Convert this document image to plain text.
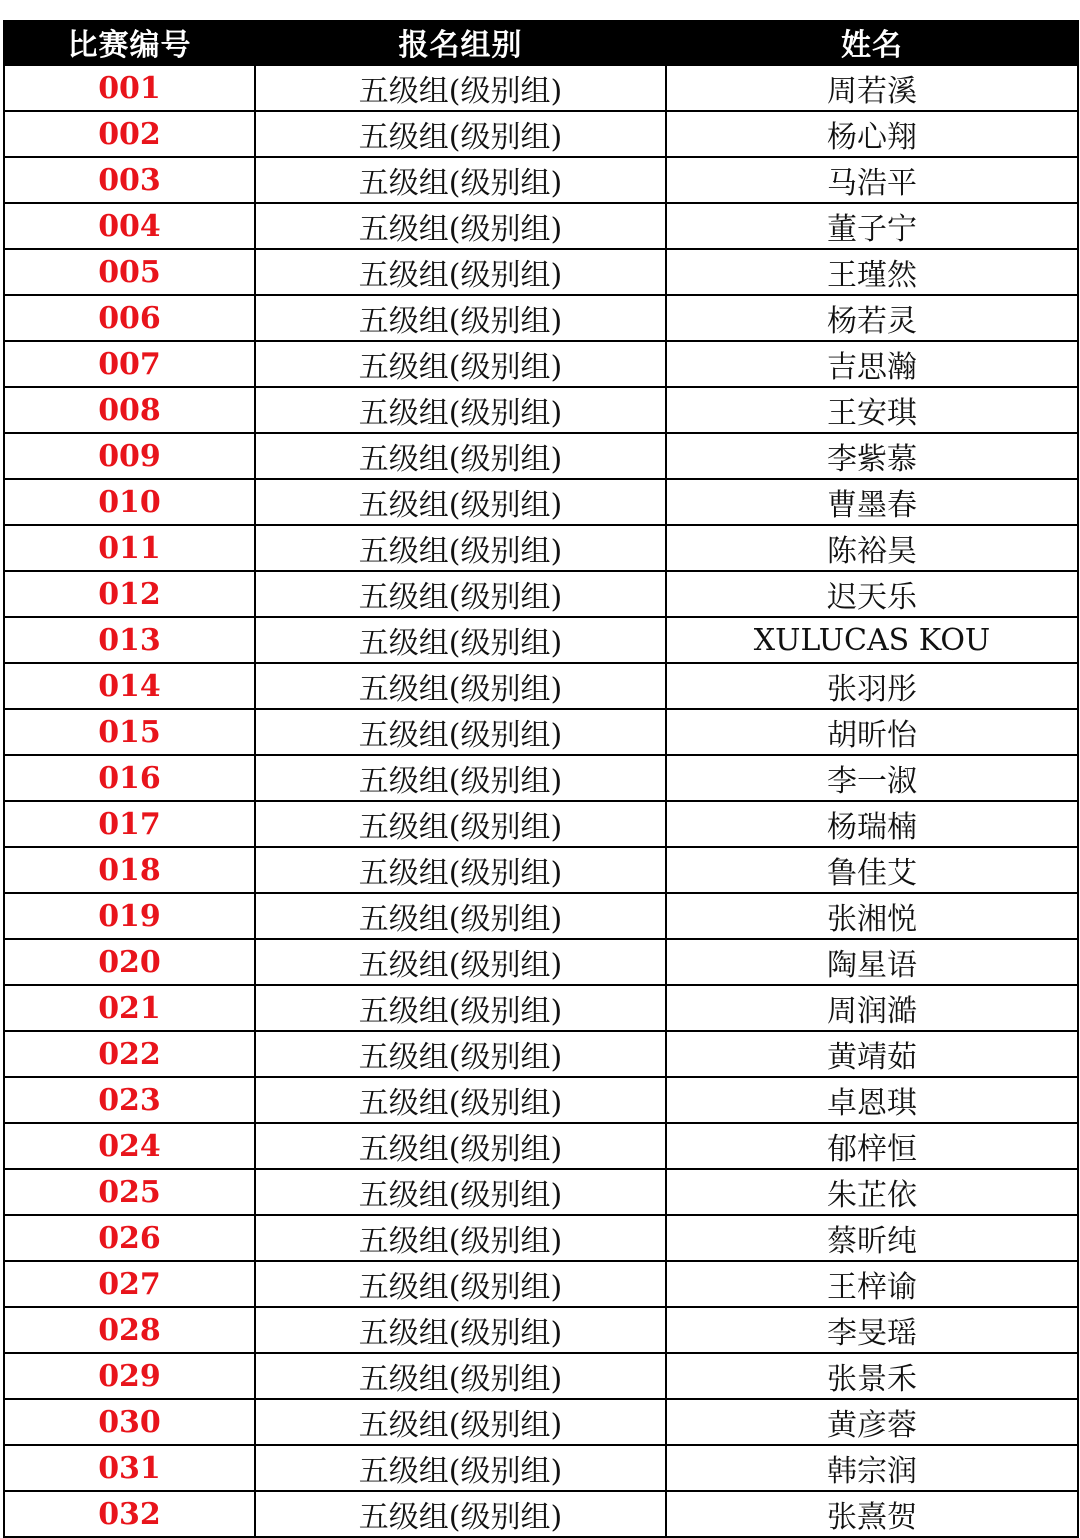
比赛编号	报名组别	姓名
001	五级组(级别组)	周若溪
002	五级组(级别组)	杨心翔
003	五级组(级别组)	马浩平
004	五级组(级别组)	董子宁
005	五级组(级别组)	王瑾然
006	五级组(级别组)	杨若灵
007	五级组(级别组)	吉思瀚
008	五级组(级别组)	王安琪
009	五级组(级别组)	李紫慕
010	五级组(级别组)	曹墨春
011	五级组(级别组)	陈裕昊
012	五级组(级别组)	迟天乐
013	五级组(级别组)	XULUCAS KOU
014	五级组(级别组)	张羽彤
015	五级组(级别组)	胡昕怡
016	五级组(级别组)	李一淑
017	五级组(级别组)	杨瑞楠
018	五级组(级别组)	鲁佳艾
019	五级组(级别组)	张湘悦
020	五级组(级别组)	陶星语
021	五级组(级别组)	周润澔
022	五级组(级别组)	黄靖茹
023	五级组(级别组)	卓恩琪
024	五级组(级别组)	郁梓恒
025	五级组(级别组)	朱芷依
026	五级组(级别组)	蔡昕纯
027	五级组(级别组)	王梓谕
028	五级组(级别组)	李旻瑶
029	五级组(级别组)	张景禾
030	五级组(级别组)	黄彦蓉
031	五级组(级别组)	韩宗润
032	五级组(级别组)	张熹贺
